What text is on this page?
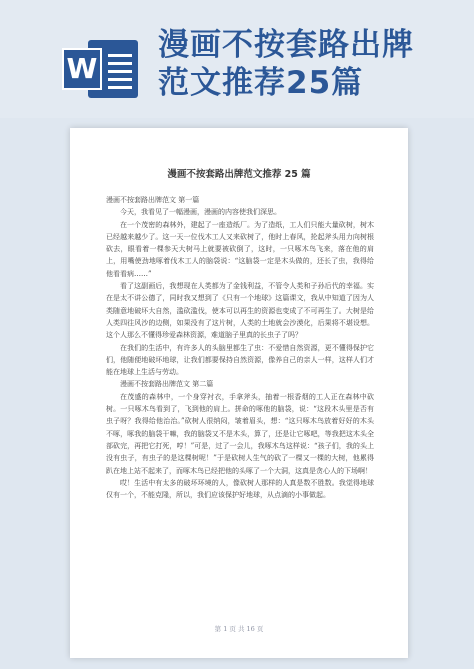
W
漫画不按套路出牌
范文推荐25篇
漫画不按套路出牌范文推荐 25 篇

漫画不按套路出牌范文 第一篇

今天，我看见了一幅漫画，漫画的内容使我们深思。

在一个茂密的森林外，建起了一座造纸厂。为了造纸，工人们只能大量砍树，树木已经越来越少了。这一天一位伐木工人又来砍树了，他时上春风，抡起斧头用力向树根砍去，眼看着一棵参天大树马上就要被砍倒了，这时，一只啄木鸟飞来，落在他的肩上，用嘴使劲地啄着伐木工人的脑袋说：“这脑袋一定是木头做的，还长了虫，我得给他看看病……”

看了这副画后，我想现在人类都为了金钱利益，不管令人类和子孙后代的幸福。实在是太不讲公德了，同时我又想到了《只有一个地球》这篇课文，我从中知道了因为人类随意地破坏大自然，滥砍滥伐，使本可以再生的资源也变成了不可再生了。大树是给人类四往风沙的边侧，如果没有了这片树，人类的土地就会沙漠化，后果将不堪设想。这个人那么不懂得珍爱森林资源，难道脑子里真的长虫子了吗？

在我们的生活中，有许多人的头脑里都生了虫：不爱惜自然资源，更不懂得保护它们，他随便地破坏地球，让我们都要保持自然资源，像养自己的亲人一样，这样人们才能在地球上生活与劳动。

漫画不按套路出牌范文 第二篇

在茂盛的森林中，一个身穿衬衣，手拿斧头，抽着一根香烟的工人正在森林中砍树。一只啄木鸟看到了，飞到他的肩上。拼命的啄他的脑袋，说：“这段木头里是否有虫子呀？我得给他治治。”砍树人很纳闷，皱着眉头，想：“这只啄木鸟放着好好的木头不啄，啄我的脑袋干嘛，我的脑袋又不是木头，算了，还是让它啄吧，等我把这木头全部砍完，再把它打死，哼！”可是，过了一会儿，我啄木鸟这样说：“孩子们，我的头上没有虫子，有虫子的是这棵树呢！”于是砍树人生气的砍了一棵又一棵的大树，他累得趴在地上站不起来了，而啄木鸟已经把他的头啄了一个大洞，这真是贪心人的下场啊！

哎！生活中有太多的破坏环境的人，像砍树人那样的人真是数不胜数。我觉得地球仅有一个，不能克隆，所以，我们应该保护好地球，从点滴的小事做起。

第 1 页 共 16 页
